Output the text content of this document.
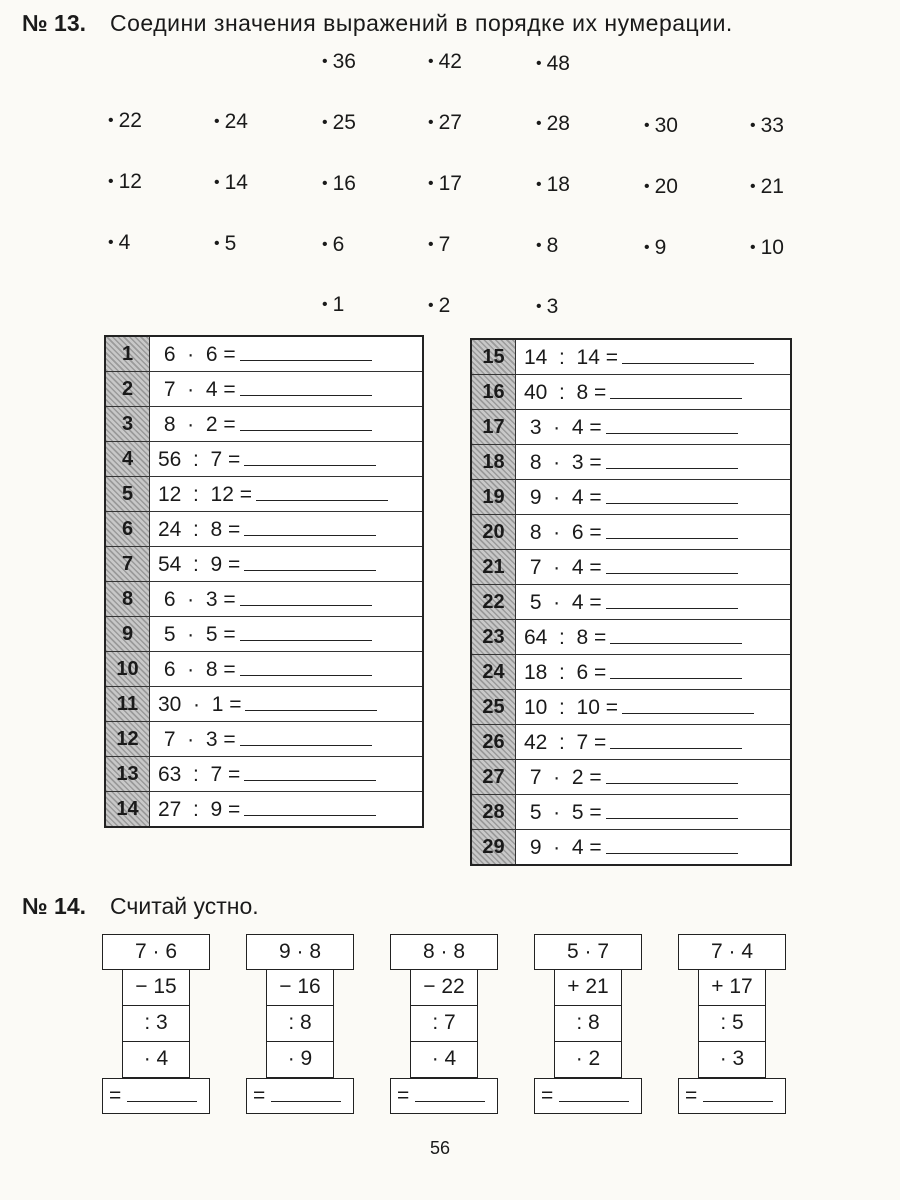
№ 13. Соедини значения выражений в порядке их нумерации.
• 36	• 42	• 48
• 22	• 24	• 25	• 27	• 28	• 30	• 33
• 12	• 14	• 16	• 17	• 18	• 20	• 21
• 4	• 5	• 6	• 7	• 8	• 9	• 10
• 1	• 2	• 3
1	6  ·  6 =
2	7  ·  4 =
3	8  ·  2 =
4	56  :  7 =
5	12  :  12 =
6	24  :  8 =
7	54  :  9 =
8	6  ·  3 =
9	5  ·  5 =
10	6  ·  8 =
11	30  ·  1 =
12	7  ·  3 =
13	63  :  7 =
14	27  :  9 =
15	14  :  14 =
16	40  :  8 =
17	3  ·  4 =
18	8  ·  3 =
19	9  ·  4 =
20	8  ·  6 =
21	7  ·  4 =
22	5  ·  4 =
23	64  :  8 =
24	18  :  6 =
25	10  :  10 =
26	42  :  7 =
27	7  ·  2 =
28	5  ·  5 =
29	9  ·  4 =
№ 14. Считай устно.
7 · 6
− 15
: 3
· 4
=
9 · 8
− 16
: 8
· 9
=
8 · 8
− 22
: 7
· 4
=
5 · 7
+ 21
: 8
· 2
=
7 · 4
+ 17
: 5
· 3
=
56
